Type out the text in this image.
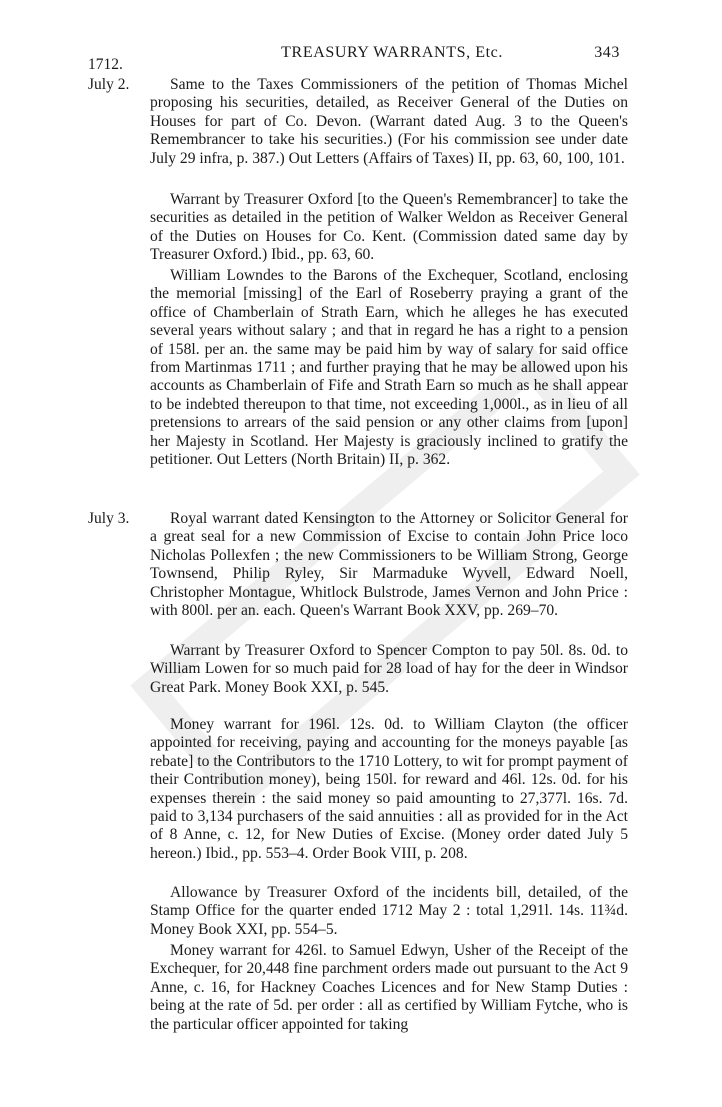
TREASURY WARRANTS, Etc.	343
1712.
July 2.
July 3.

Same to the Taxes Commissioners of the petition of Thomas Michel proposing his securities, detailed, as Receiver General of the Duties on Houses for part of Co. Devon. (Warrant dated Aug. 3 to the Queen's Remembrancer to take his securities.) (For his commission see under date July 29 infra, p. 387.) Out Letters (Affairs of Taxes) II, pp. 63, 60, 100, 101.

Warrant by Treasurer Oxford [to the Queen's Remembrancer] to take the securities as detailed in the petition of Walker Weldon as Receiver General of the Duties on Houses for Co. Kent. (Commission dated same day by Treasurer Oxford.) Ibid., pp. 63, 60.

William Lowndes to the Barons of the Exchequer, Scotland, enclosing the memorial [missing] of the Earl of Roseberry praying a grant of the office of Chamberlain of Strath Earn, which he alleges he has executed several years without salary ; and that in regard he has a right to a pension of 158l. per an. the same may be paid him by way of salary for said office from Martinmas 1711 ; and further praying that he may be allowed upon his accounts as Chamberlain of Fife and Strath Earn so much as he shall appear to be indebted thereupon to that time, not exceeding 1,000l., as in lieu of all pretensions to arrears of the said pension or any other claims from [upon] her Majesty in Scotland. Her Majesty is graciously inclined to gratify the petitioner. Out Letters (North Britain) II, p. 362.

Royal warrant dated Kensington to the Attorney or Solicitor General for a great seal for a new Commission of Excise to contain John Price loco Nicholas Pollexfen ; the new Commissioners to be William Strong, George Townsend, Philip Ryley, Sir Marmaduke Wyvell, Edward Noell, Christopher Montague, Whitlock Bulstrode, James Vernon and John Price : with 800l. per an. each. Queen's Warrant Book XXV, pp. 269–70.

Warrant by Treasurer Oxford to Spencer Compton to pay 50l. 8s. 0d. to William Lowen for so much paid for 28 load of hay for the deer in Windsor Great Park. Money Book XXI, p. 545.

Money warrant for 196l. 12s. 0d. to William Clayton (the officer appointed for receiving, paying and accounting for the moneys payable [as rebate] to the Contributors to the 1710 Lottery, to wit for prompt payment of their Contribution money), being 150l. for reward and 46l. 12s. 0d. for his expenses therein : the said money so paid amounting to 27,377l. 16s. 7d. paid to 3,134 purchasers of the said annuities : all as provided for in the Act of 8 Anne, c. 12, for New Duties of Excise. (Money order dated July 5 hereon.) Ibid., pp. 553–4. Order Book VIII, p. 208.

Allowance by Treasurer Oxford of the incidents bill, detailed, of the Stamp Office for the quarter ended 1712 May 2 : total 1,291l. 14s. 11¾d. Money Book XXI, pp. 554–5.

Money warrant for 426l. to Samuel Edwyn, Usher of the Receipt of the Exchequer, for 20,448 fine parchment orders made out pursuant to the Act 9 Anne, c. 16, for Hackney Coaches Licences and for New Stamp Duties : being at the rate of 5d. per order : all as certified by William Fytche, who is the particular officer appointed for taking
